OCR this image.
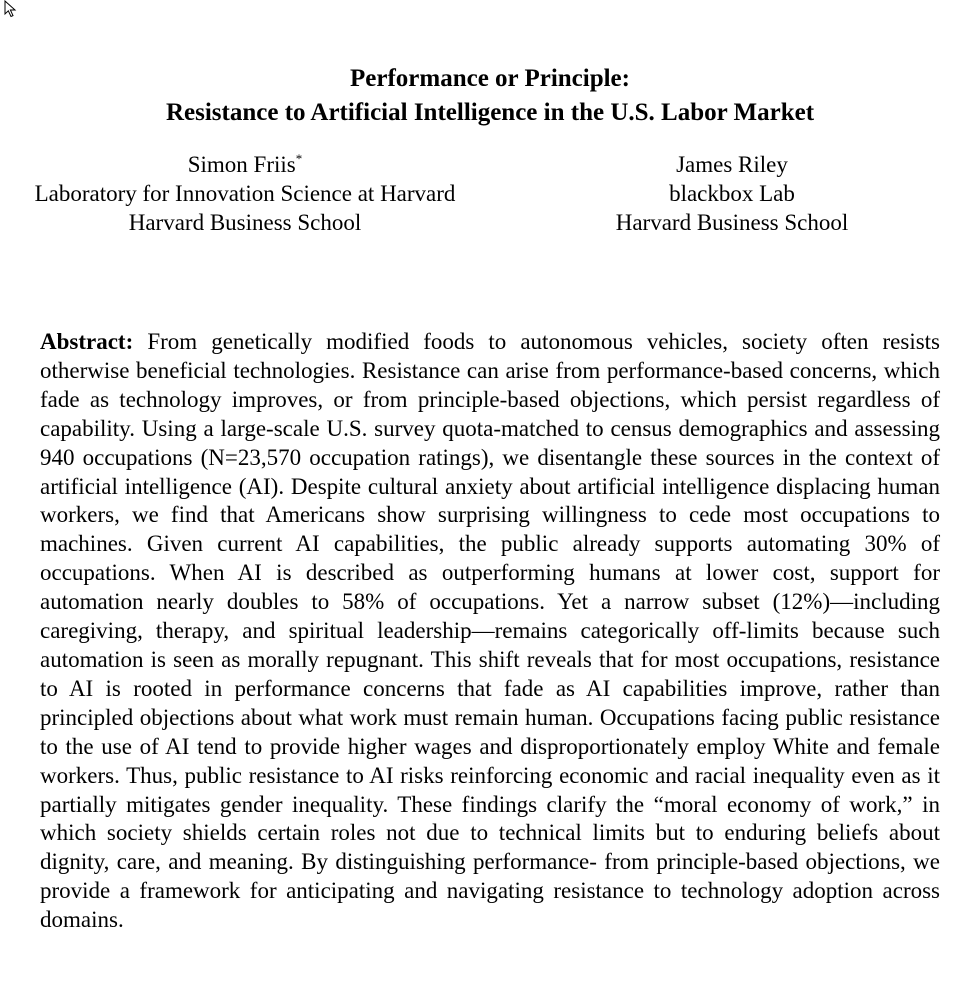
Performance or Principle:
Resistance to Artificial Intelligence in the U.S. Labor Market
Simon Friis*
Laboratory for Innovation Science at Harvard
Harvard Business School
James Riley
blackbox Lab
Harvard Business School
Abstract: From genetically modified foods to autonomous vehicles, society often resists otherwise beneficial technologies. Resistance can arise from performance-based concerns, which fade as technology improves, or from principle-based objections, which persist regardless of capability. Using a large-scale U.S. survey quota-matched to census demographics and assessing 940 occupations (N=23,570 occupation ratings), we disentangle these sources in the context of artificial intelligence (AI). Despite cultural anxiety about artificial intelligence displacing human workers, we find that Americans show surprising willingness to cede most occupations to machines. Given current AI capabilities, the public already supports automating 30% of occupations. When AI is described as outperforming humans at lower cost, support for automation nearly doubles to 58% of occupations. Yet a narrow subset (12%)—including caregiving, therapy, and spiritual leadership—remains categorically off-limits because such automation is seen as morally repugnant. This shift reveals that for most occupations, resistance to AI is rooted in performance concerns that fade as AI capabilities improve, rather than principled objections about what work must remain human. Occupations facing public resistance to the use of AI tend to provide higher wages and disproportionately employ White and female workers. Thus, public resistance to AI risks reinforcing economic and racial inequality even as it partially mitigates gender inequality. These findings clarify the “moral economy of work,” in which society shields certain roles not due to technical limits but to enduring beliefs about dignity, care, and meaning. By distinguishing performance- from principle-based objections, we provide a framework for anticipating and navigating resistance to technology adoption across domains.
